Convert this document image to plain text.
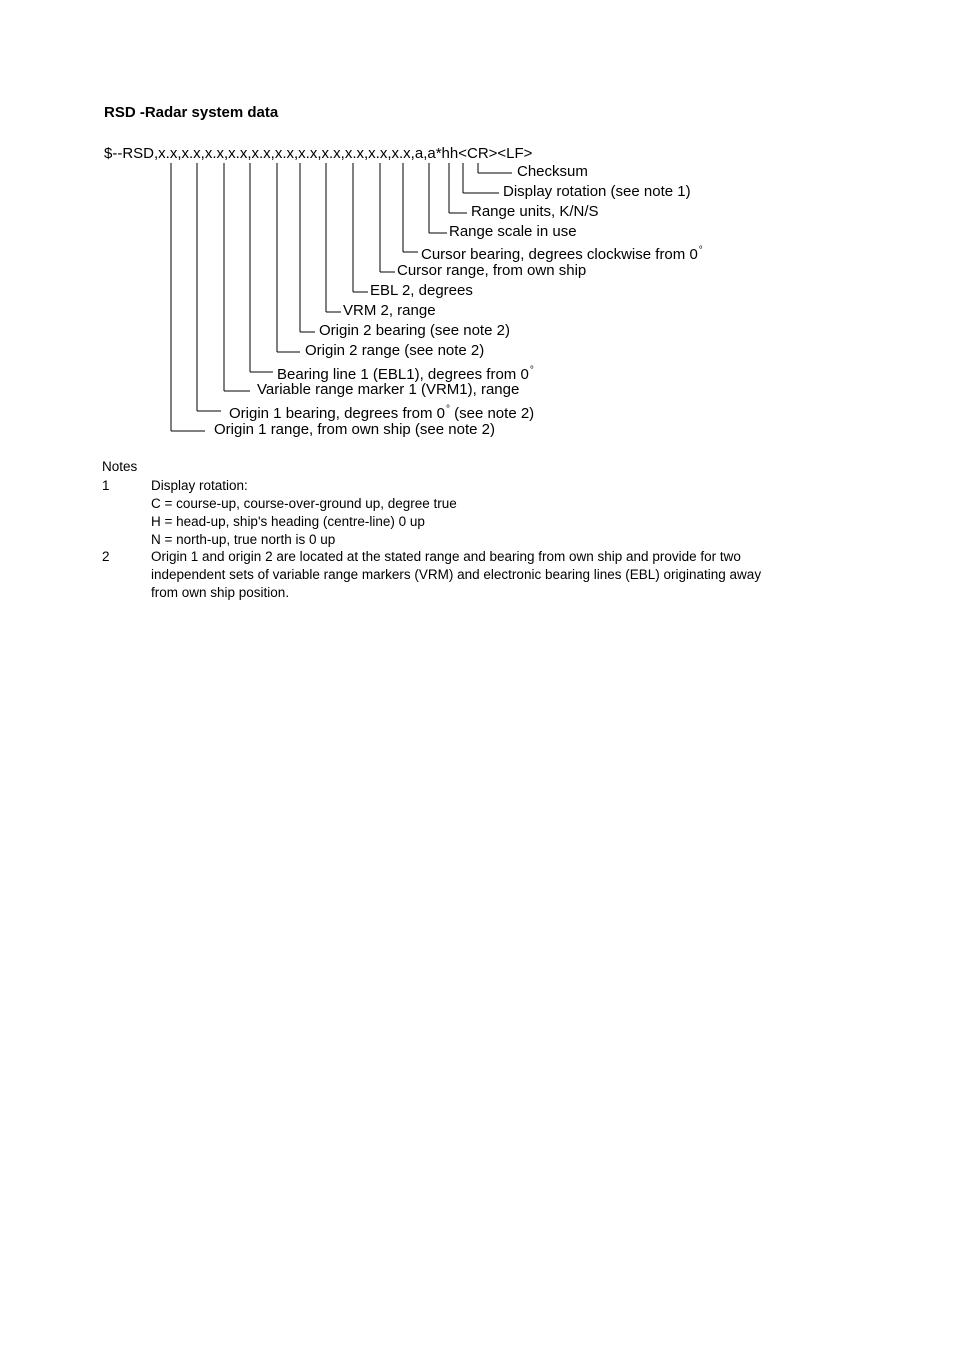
RSD -Radar system data
$--RSD,x.x,x.x,x.x,x.x,x.x,x.x,x.x,x.x,x.x,x.x,x.x,a,a*hh<CR><LF>
Checksum
Display rotation (see note 1)
Range units, K/N/S
Range scale in use
Cursor bearing, degrees clockwise from 0°
Cursor range, from own ship
EBL 2, degrees
VRM 2, range
Origin 2 bearing (see note 2)
Origin 2 range (see note 2)
Bearing line 1 (EBL1), degrees from 0°
Variable range marker 1 (VRM1), range
Origin 1 bearing, degrees from 0° (see note 2)
Origin 1 range, from own ship (see note 2)
Notes
1	Display rotation:
C = course-up, course-over-ground up, degree true
H = head-up, ship's heading (centre-line) 0 up
N = north-up, true north is 0 up
2	Origin 1 and origin 2 are located at the stated range and bearing from own ship and provide for two
independent sets of variable range markers (VRM) and electronic bearing lines (EBL) originating away
from own ship position.
